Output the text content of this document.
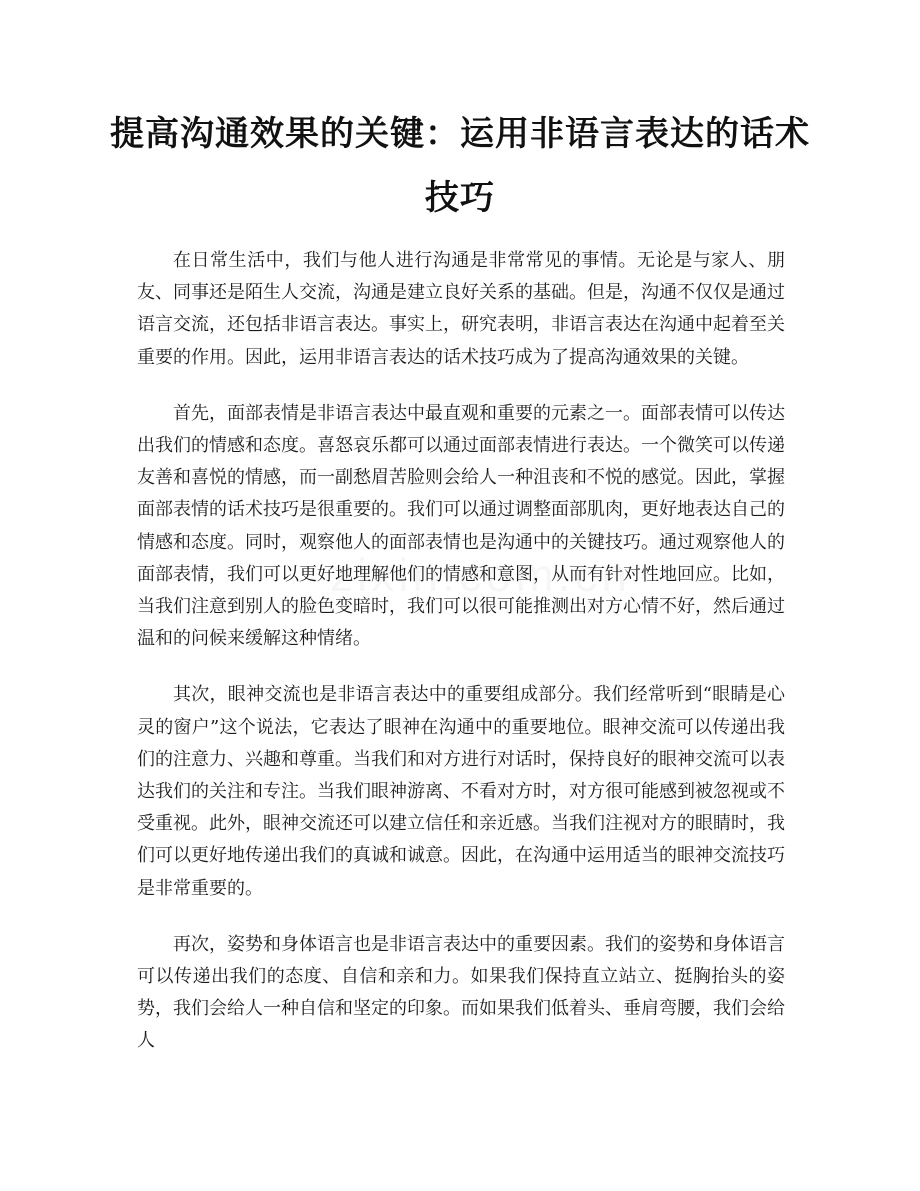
提高沟通效果的关键：运用非语言表达的话术技巧

在日常生活中，我们与他人进行沟通是非常常见的事情。无论是与家人、朋友、同事还是陌生人交流，沟通是建立良好关系的基础。但是，沟通不仅仅是通过语言交流，还包括非语言表达。事实上，研究表明，非语言表达在沟通中起着至关重要的作用。因此，运用非语言表达的话术技巧成为了提高沟通效果的关键。

首先，面部表情是非语言表达中最直观和重要的元素之一。面部表情可以传达出我们的情感和态度。喜怒哀乐都可以通过面部表情进行表达。一个微笑可以传递友善和喜悦的情感，而一副愁眉苦脸则会给人一种沮丧和不悦的感觉。因此，掌握面部表情的话术技巧是很重要的。我们可以通过调整面部肌肉，更好地表达自己的情感和态度。同时，观察他人的面部表情也是沟通中的关键技巧。通过观察他人的面部表情，我们可以更好地理解他们的情感和意图，从而有针对性地回应。比如，当我们注意到别人的脸色变暗时，我们可以很可能推测出对方心情不好，然后通过温和的问候来缓解这种情绪。

其次，眼神交流也是非语言表达中的重要组成部分。我们经常听到“眼睛是心灵的窗户”这个说法，它表达了眼神在沟通中的重要地位。眼神交流可以传递出我们的注意力、兴趣和尊重。当我们和对方进行对话时，保持良好的眼神交流可以表达我们的关注和专注。当我们眼神游离、不看对方时，对方很可能感到被忽视或不受重视。此外，眼神交流还可以建立信任和亲近感。当我们注视对方的眼睛时，我们可以更好地传递出我们的真诚和诚意。因此，在沟通中运用适当的眼神交流技巧是非常重要的。

再次，姿势和身体语言也是非语言表达中的重要因素。我们的姿势和身体语言可以传递出我们的态度、自信和亲和力。如果我们保持直立站立、挺胸抬头的姿势，我们会给人一种自信和坚定的印象。而如果我们低着头、垂肩弯腰，我们会给人
